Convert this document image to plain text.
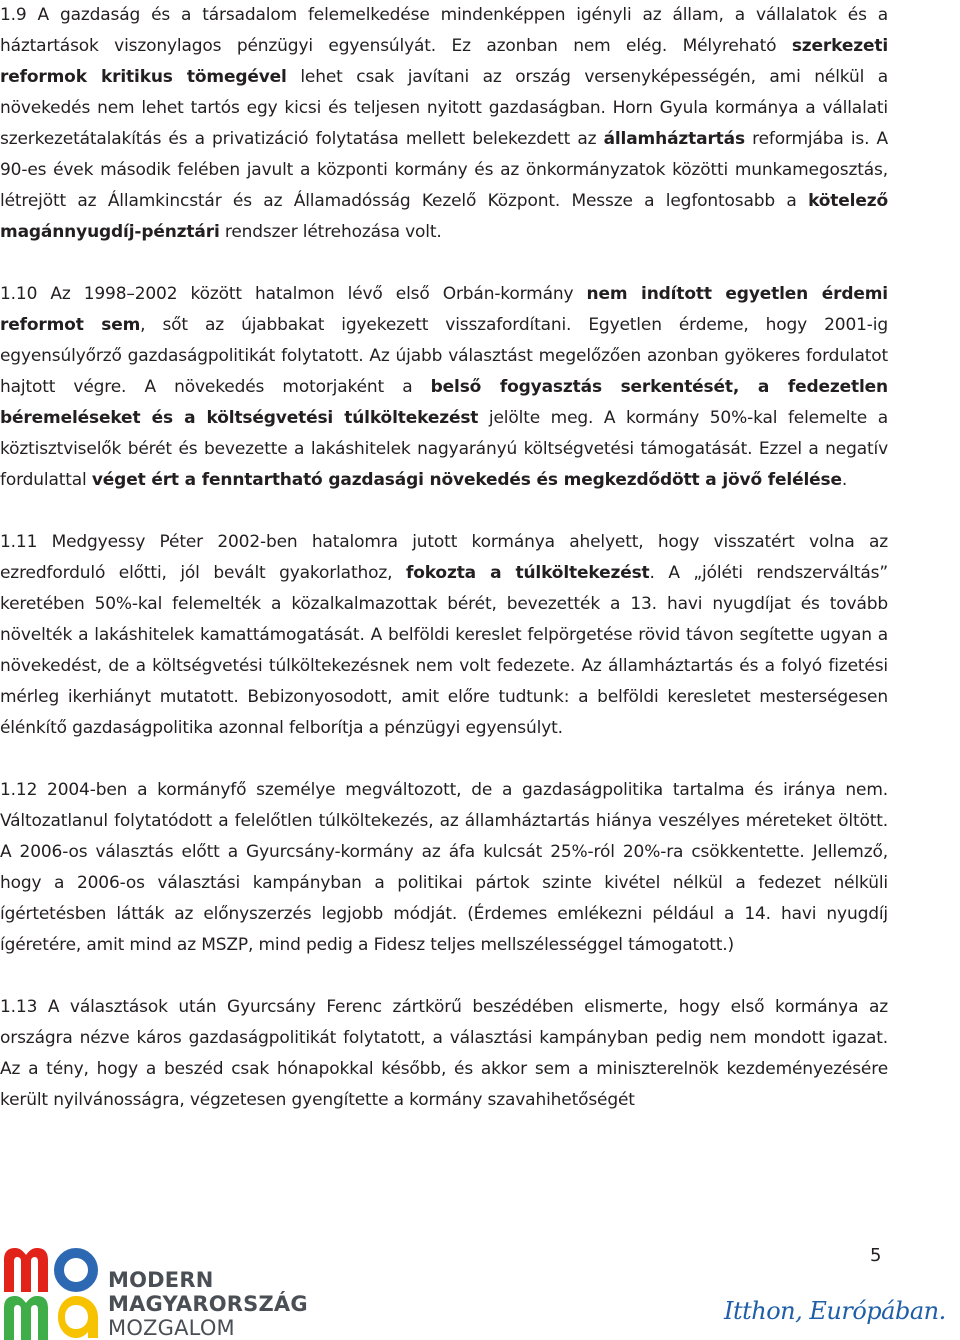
1.9 A gazdaság és a társadalom felemelkedése mindenképpen igényli az állam, a vállalatok és a háztartások viszonylagos pénzügyi egyensúlyát. Ez azonban nem elég. Mélyreható szerkezeti reformok kritikus tömegével lehet csak javítani az ország versenyképességén, ami nélkül a növekedés nem lehet tartós egy kicsi és teljesen nyitott gazdaságban. Horn Gyula kormánya a vállalati szerkezetátalakítás és a privatizáció folytatása mellett belekezdett az államháztartás reformjába is. A 90-es évek második felében javult a központi kormány és az önkormányzatok közötti munkamegosztás, létrejött az Államkincstár és az Államadósság Kezelő Központ. Messze a legfontosabb a kötelező magánnyugdíj-pénztári rendszer létrehozása volt.

1.10 Az 1998–2002 között hatalmon lévő első Orbán-kormány nem indított egyetlen érdemi reformot sem, sőt az újabbakat igyekezett visszafordítani. Egyetlen érdeme, hogy 2001-ig egyensúlyőrző gazdaságpolitikát folytatott. Az újabb választást megelőzően azonban gyökeres fordulatot hajtott végre. A növekedés motorjaként a belső fogyasztás serkentését, a fedezetlen béremeléseket és a költségvetési túlköltekezést jelölte meg. A kormány 50%-kal felemelte a köztisztviselők bérét és bevezette a lakáshitelek nagyarányú költségvetési támogatását. Ezzel a negatív fordulattal véget ért a fenntartható gazdasági növekedés és megkezdődött a jövő felélése.

1.11 Medgyessy Péter 2002-ben hatalomra jutott kormánya ahelyett, hogy visszatért volna az ezredforduló előtti, jól bevált gyakorlathoz, fokozta a túlköltekezést. A „jóléti rendszerváltás” keretében 50%-kal felemelték a közalkalmazottak bérét, bevezették a 13. havi nyugdíjat és tovább növelték a lakáshitelek kamattámogatását. A belföldi kereslet felpörgetése rövid távon segítette ugyan a növekedést, de a költségvetési túlköltekezésnek nem volt fedezete. Az államháztartás és a folyó fizetési mérleg ikerhiányt mutatott. Bebizonyosodott, amit előre tudtunk: a belföldi keresletet mesterségesen élénkítő gazdaságpolitika azonnal felborítja a pénzügyi egyensúlyt.

1.12 2004-ben a kormányfő személye megváltozott, de a gazdaságpolitika tartalma és iránya nem. Változatlanul folytatódott a felelőtlen túlköltekezés, az államháztartás hiánya veszélyes méreteket öltött. A 2006-os választás előtt a Gyurcsány-kormány az áfa kulcsát 25%-ról 20%-ra csökkentette. Jellemző, hogy a 2006-os választási kampányban a politikai pártok szinte kivétel nélkül a fedezet nélküli ígértetésben látták az előnyszerzés legjobb módját. (Érdemes emlékezni például a 14. havi nyugdíj ígéretére, amit mind az MSZP, mind pedig a Fidesz teljes mellszélességgel támogatott.)

1.13 A választások után Gyurcsány Ferenc zártkörű beszédében elismerte, hogy első kormánya az országra nézve káros gazdaságpolitikát folytatott, a választási kampányban pedig nem mondott igazat. Az a tény, hogy a beszéd csak hónapokkal később, és akkor sem a miniszterelnök kezdeményezésére került nyilvánosságra, végzetesen gyengítette a kormány szavahihetőségét

MODERN
MAGYARORSZÁG
MOZGALOM
5
Itthon, Európában.
